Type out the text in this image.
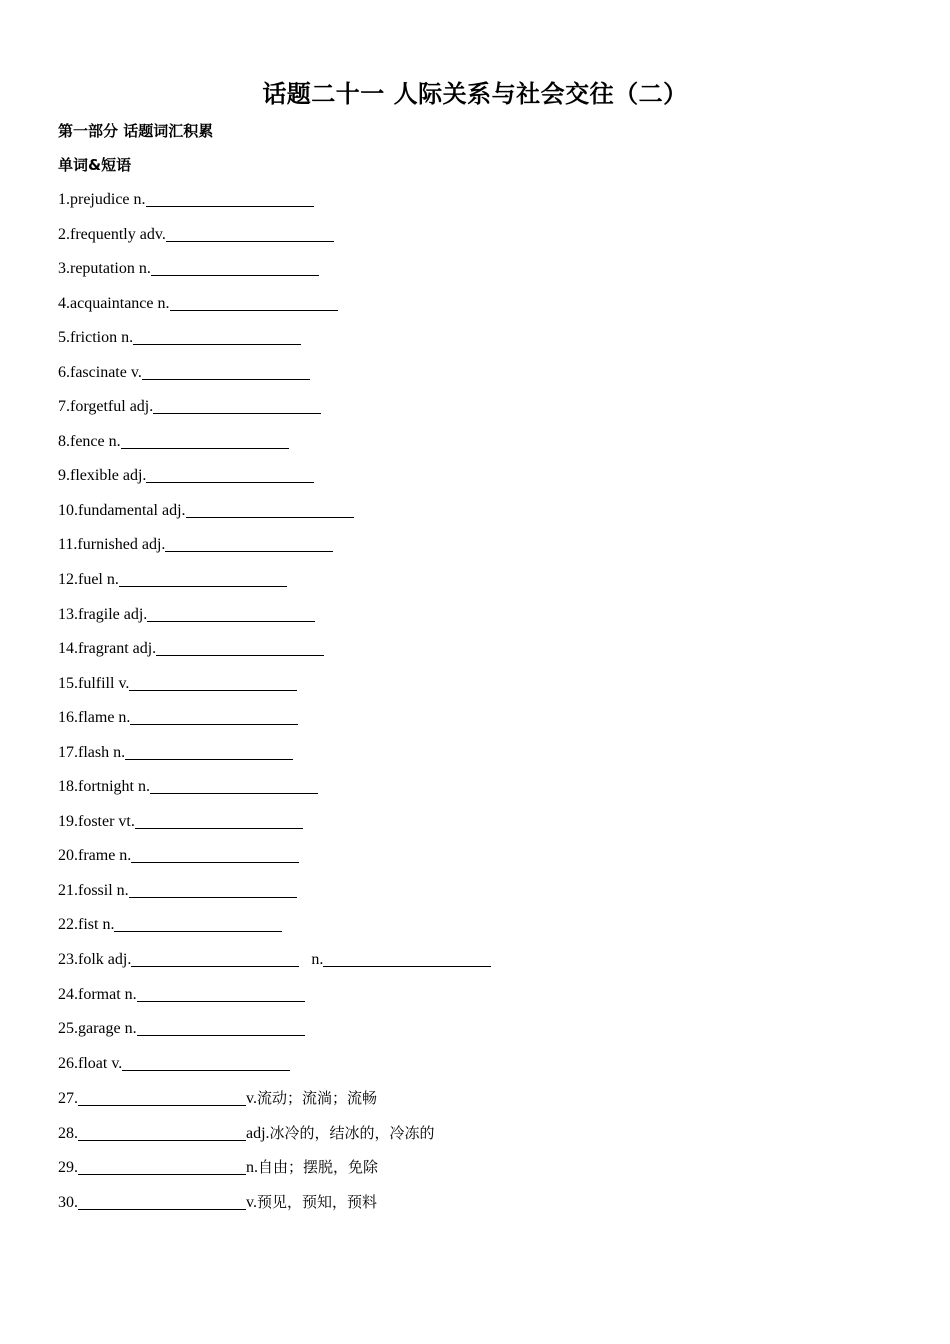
话题二十一 人际关系与社会交往（二）
第一部分 话题词汇积累
单词&短语
1.prejudice n.
2.frequently adv.
3.reputation n.
4.acquaintance n.
5.friction n.
6.fascinate v.
7.forgetful adj.
8.fence n.
9.flexible adj.
10.fundamental adj.
11.furnished adj.
12.fuel n.
13.fragile adj.
14.fragrant adj.
15.fulfill v.
16.flame n.
17.flash n.
18.fortnight n.
19.foster vt.
20.frame n.
21.fossil n.
22.fist n.
23.folk adj.	n.
24.format n.
25.garage n.
26.float v.
27.	v.流动；流淌；流畅
28.	adj.冰冷的，结冰的，冷冻的
29.	n.自由；摆脱，免除
30.	v.预见，预知，预料
